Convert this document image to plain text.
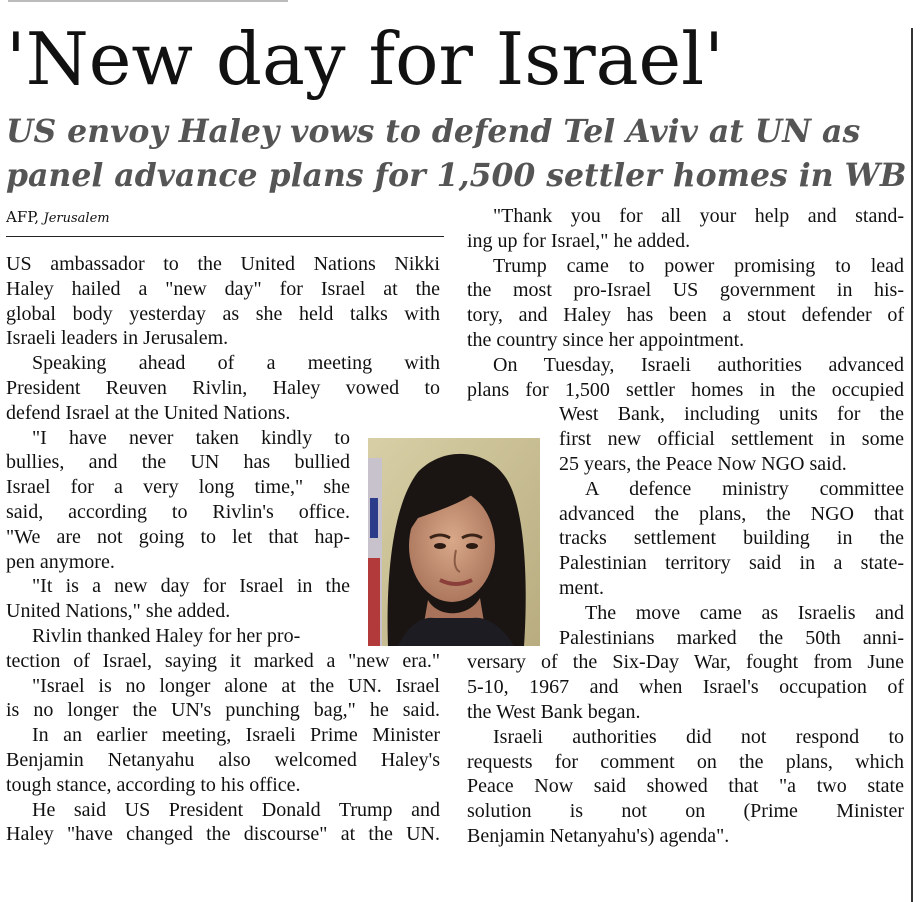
'New day for Israel'
US envoy Haley vows to defend Tel Aviv at UN as
panel advance plans for 1,500 settler homes in WB
AFP, Jerusalem

US ambassador to the United Nations Nikki
Haley hailed a "new day" for Israel at the
global body yesterday as she held talks with
Israeli leaders in Jerusalem.

Speaking ahead of a meeting with
President Reuven Rivlin, Haley vowed to
defend Israel at the United Nations.

"I have never taken kindly to
bullies, and the UN has bullied
Israel for a very long time," she
said, according to Rivlin's office.
"We are not going to let that hap-
pen anymore.

"It is a new day for Israel in the
United Nations," she added.

Rivlin thanked Haley for her pro-
tection of Israel, saying it marked a "new era."

"Israel is no longer alone at the UN. Israel
is no longer the UN's punching bag," he said.

In an earlier meeting, Israeli Prime Minister
Benjamin Netanyahu also welcomed Haley's
tough stance, according to his office.

He said US President Donald Trump and
Haley "have changed the discourse" at the UN.

"Thank you for all your help and stand-
ing up for Israel," he added.

Trump came to power promising to lead
the most pro-Israel US government in his-
tory, and Haley has been a stout defender of
the country since her appointment.

On Tuesday, Israeli authorities advanced
plans for 1,500 settler homes in the occupied

West Bank, including units for the
first new official settlement in some
25 years, the Peace Now NGO said.

A defence ministry committee
advanced the plans, the NGO that
tracks settlement building in the
Palestinian territory said in a state-
ment.

The move came as Israelis and
Palestinians marked the 50th anni-

versary of the Six-Day War, fought from June
5-10, 1967 and when Israel's occupation of
the West Bank began.

Israeli authorities did not respond to
requests for comment on the plans, which
Peace Now said showed that "a two state
solution is not on (Prime Minister
Benjamin Netanyahu's) agenda".
